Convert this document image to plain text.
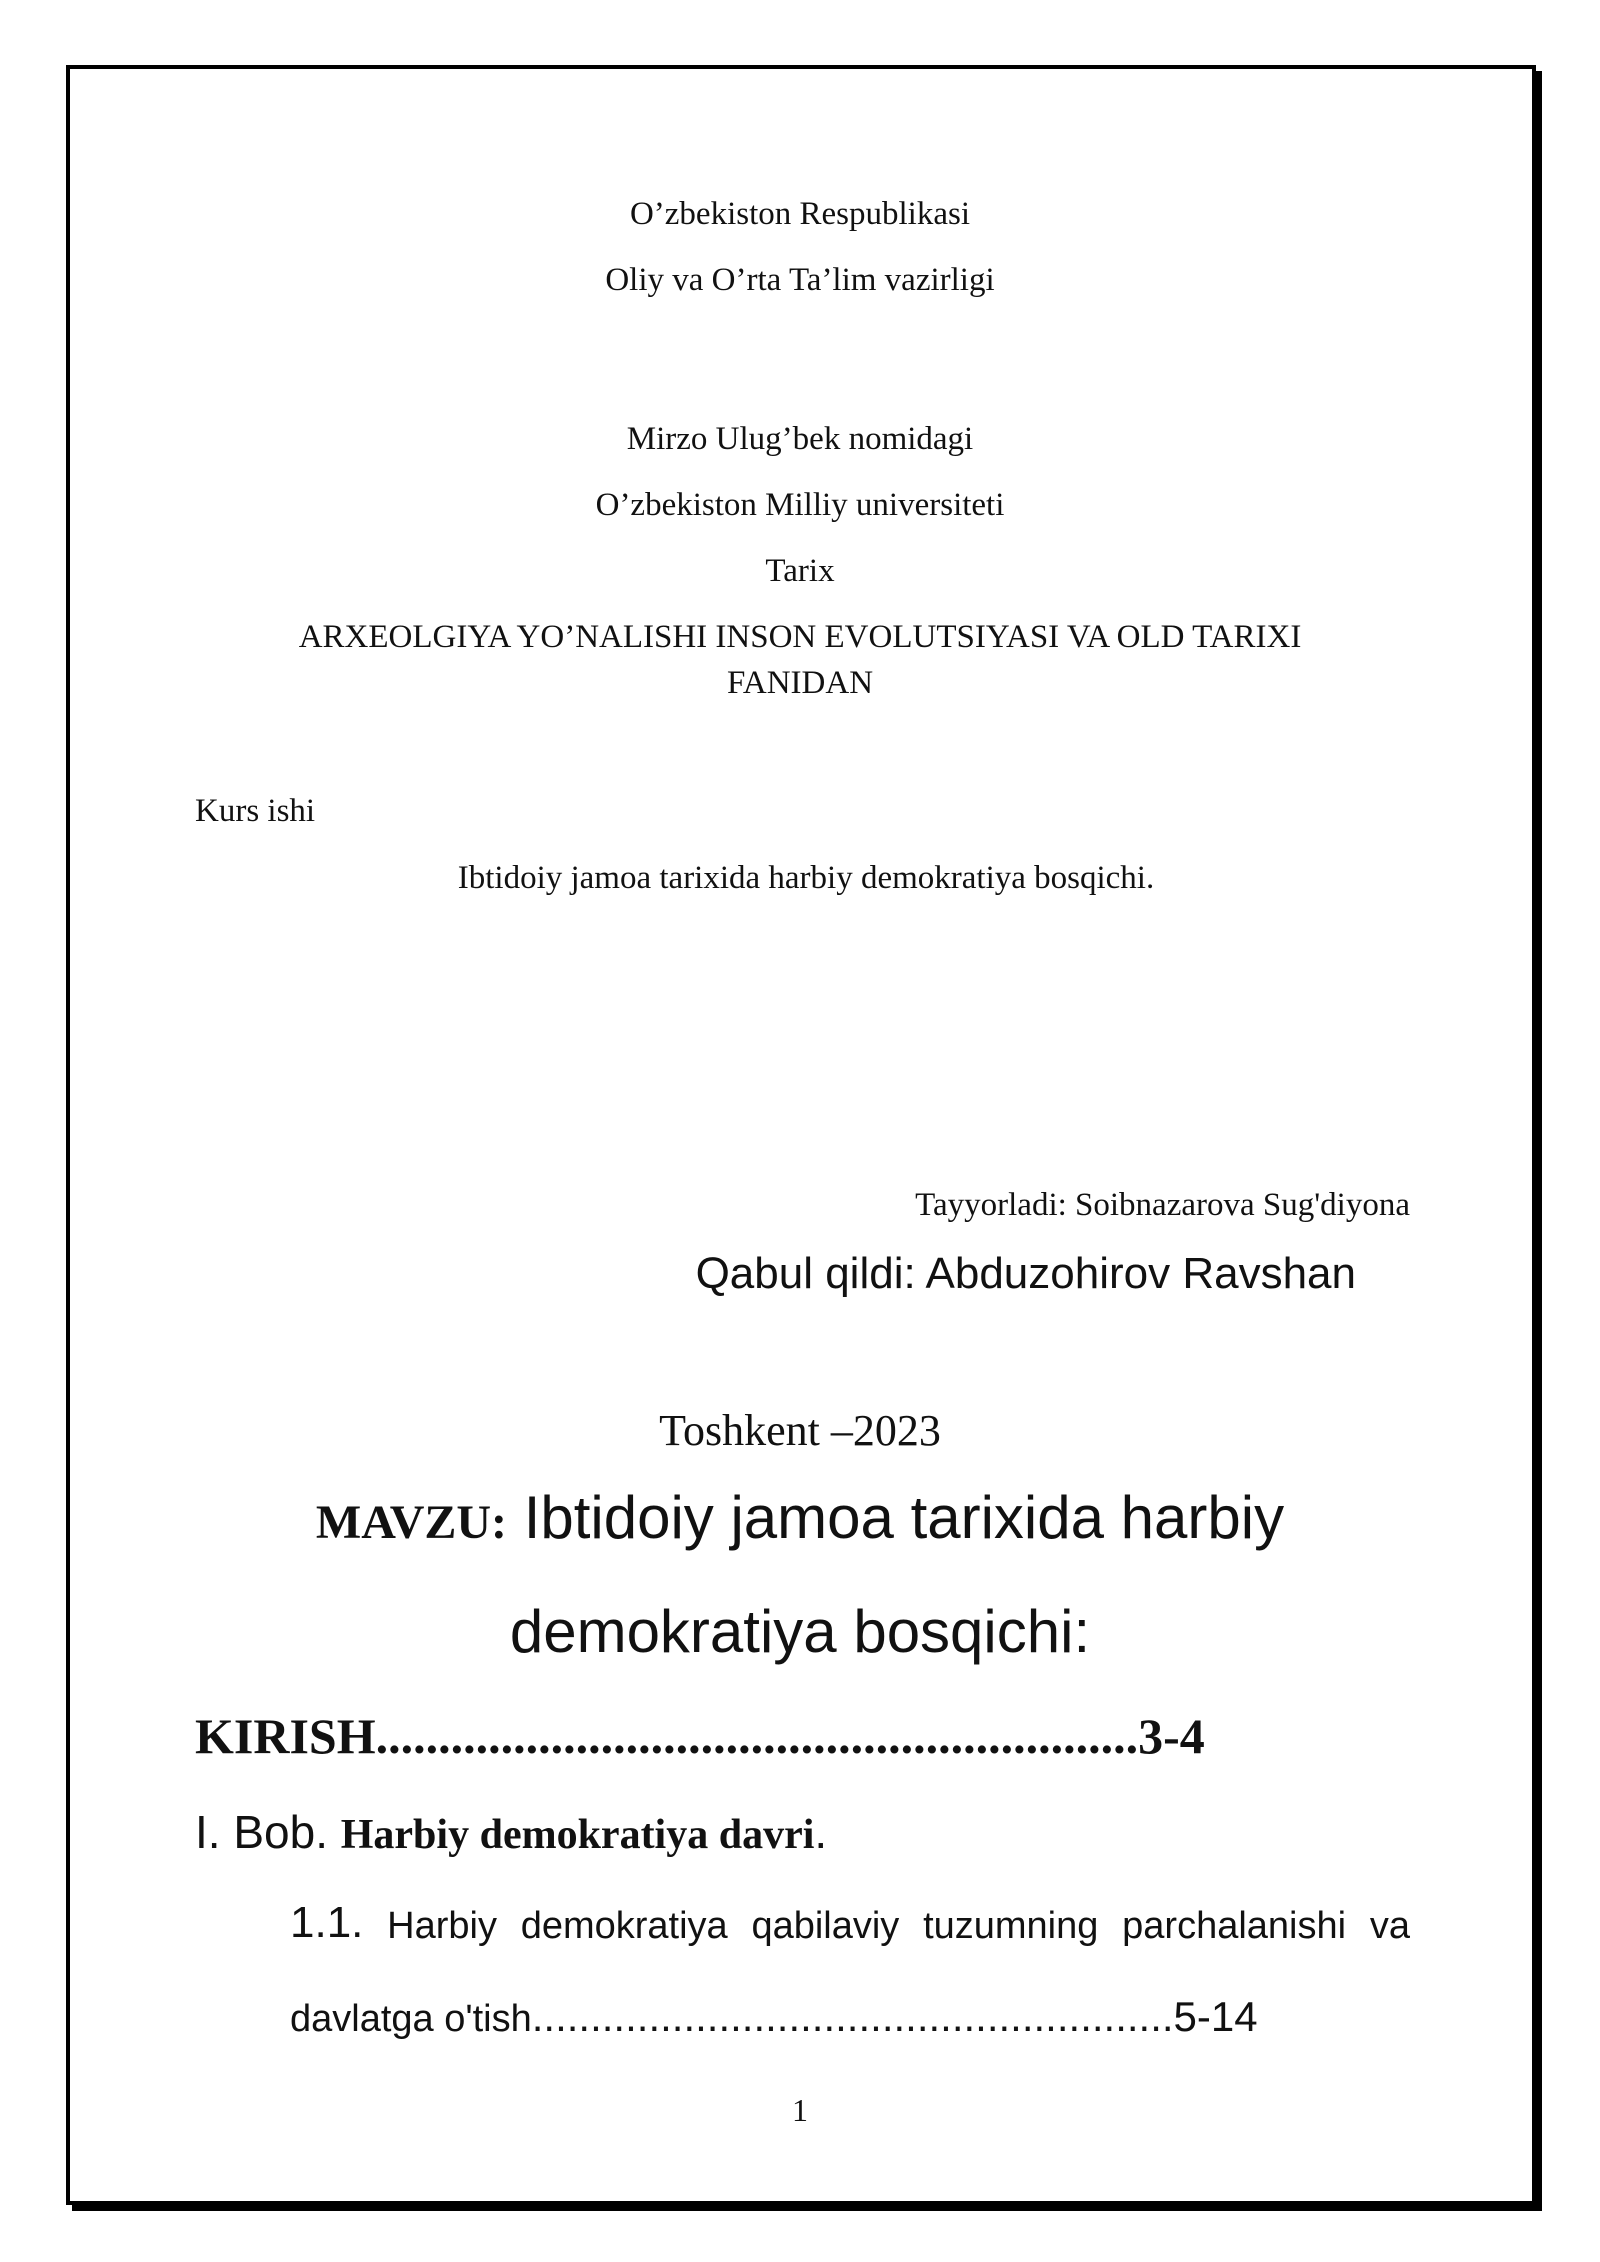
O’zbekiston Respublikasi
Oliy va O’rta Ta’lim vazirligi
Mirzo Ulug’bek nomidagi
O’zbekiston Milliy universiteti
Tarix
ARXEOLGIYA YO’NALISHI INSON EVOLUTSIYASI VA OLD TARIXI
FANIDAN
Kurs ishi
Ibtidoiy jamoa tarixida harbiy demokratiya bosqichi.
Tayyorladi: Soibnazarova Sug'diyona
Qabul qildi: Abduzohirov Ravshan
Toshkent –2023
MAVZU: Ibtidoiy jamoa tarixida harbiy
demokratiya bosqichi:
KIRISH.............................................................3-4
I. Bob. Harbiy demokratiya davri.
1.1. Harbiy demokratiya qabilaviy tuzumning parchalanishi va
davlatga o'tish.......................................................5-14
1
